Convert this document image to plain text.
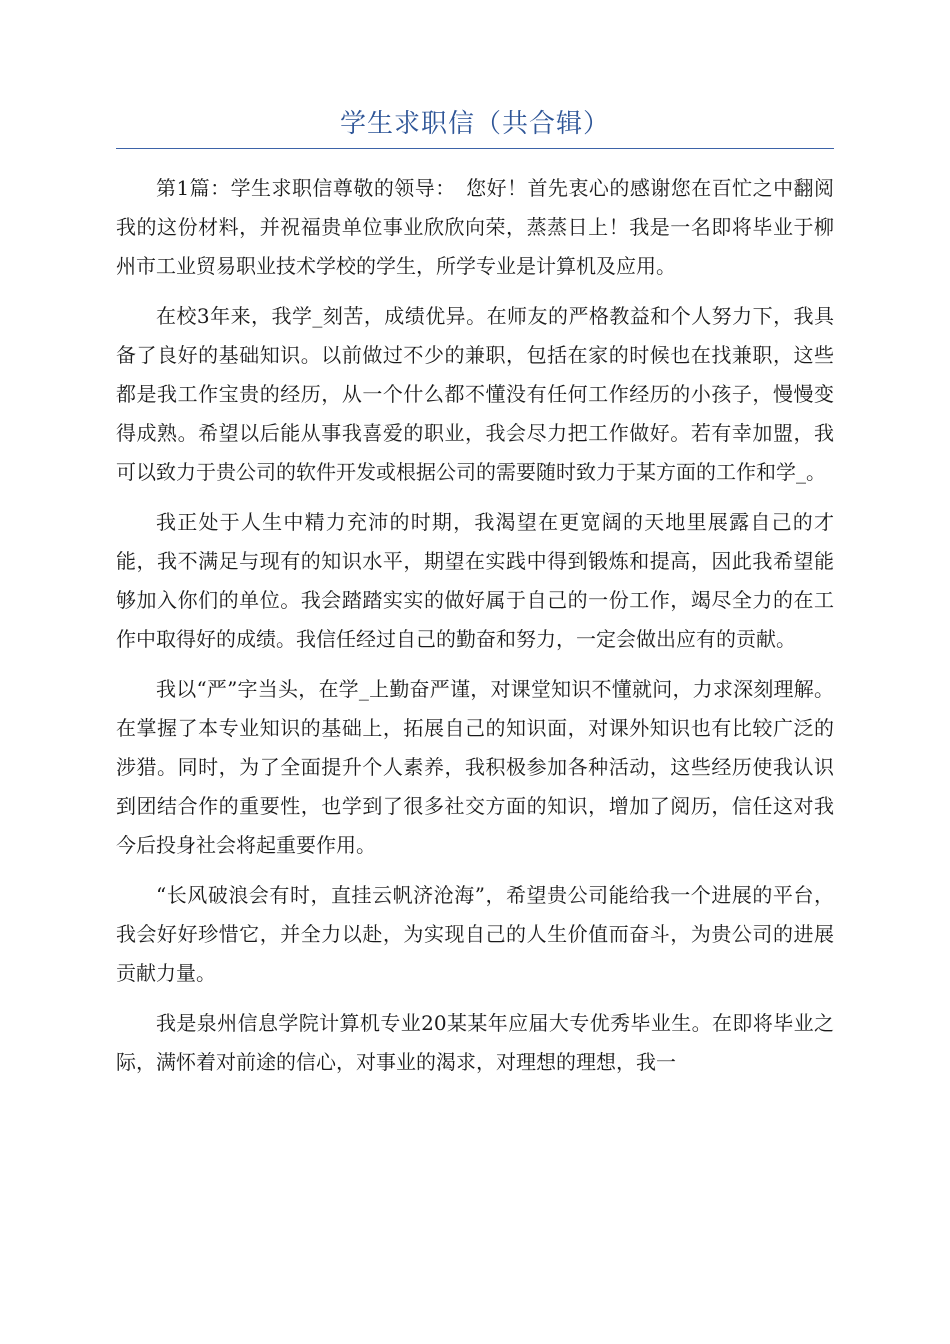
学生求职信（共合辑）

第1篇：学生求职信尊敬的领导：　您好！首先衷心的感谢您在百忙之中翻阅我的这份材料，并祝福贵单位事业欣欣向荣，蒸蒸日上！我是一名即将毕业于柳州市工业贸易职业技术学校的学生，所学专业是计算机及应用。

在校3年来，我学_刻苦，成绩优异。在师友的严格教益和个人努力下，我具备了良好的基础知识。以前做过不少的兼职，包括在家的时候也在找兼职，这些都是我工作宝贵的经历，从一个什么都不懂没有任何工作经历的小孩子，慢慢变得成熟。希望以后能从事我喜爱的职业，我会尽力把工作做好。若有幸加盟，我可以致力于贵公司的软件开发或根据公司的需要随时致力于某方面的工作和学_。

我正处于人生中精力充沛的时期，我渴望在更宽阔的天地里展露自己的才能，我不满足与现有的知识水平，期望在实践中得到锻炼和提高，因此我希望能够加入你们的单位。我会踏踏实实的做好属于自己的一份工作，竭尽全力的在工作中取得好的成绩。我信任经过自己的勤奋和努力，一定会做出应有的贡献。

我以“严”字当头，在学_上勤奋严谨，对课堂知识不懂就问，力求深刻理解。在掌握了本专业知识的基础上，拓展自己的知识面，对课外知识也有比较广泛的涉猎。同时，为了全面提升个人素养，我积极参加各种活动，这些经历使我认识到团结合作的重要性，也学到了很多社交方面的知识，增加了阅历，信任这对我今后投身社会将起重要作用。

“长风破浪会有时，直挂云帆济沧海”，希望贵公司能给我一个进展的平台，我会好好珍惜它，并全力以赴，为实现自己的人生价值而奋斗，为贵公司的进展贡献力量。

我是泉州信息学院计算机专业20某某年应届大专优秀毕业生。在即将毕业之际，满怀着对前途的信心，对事业的渴求，对理想的理想，我一
